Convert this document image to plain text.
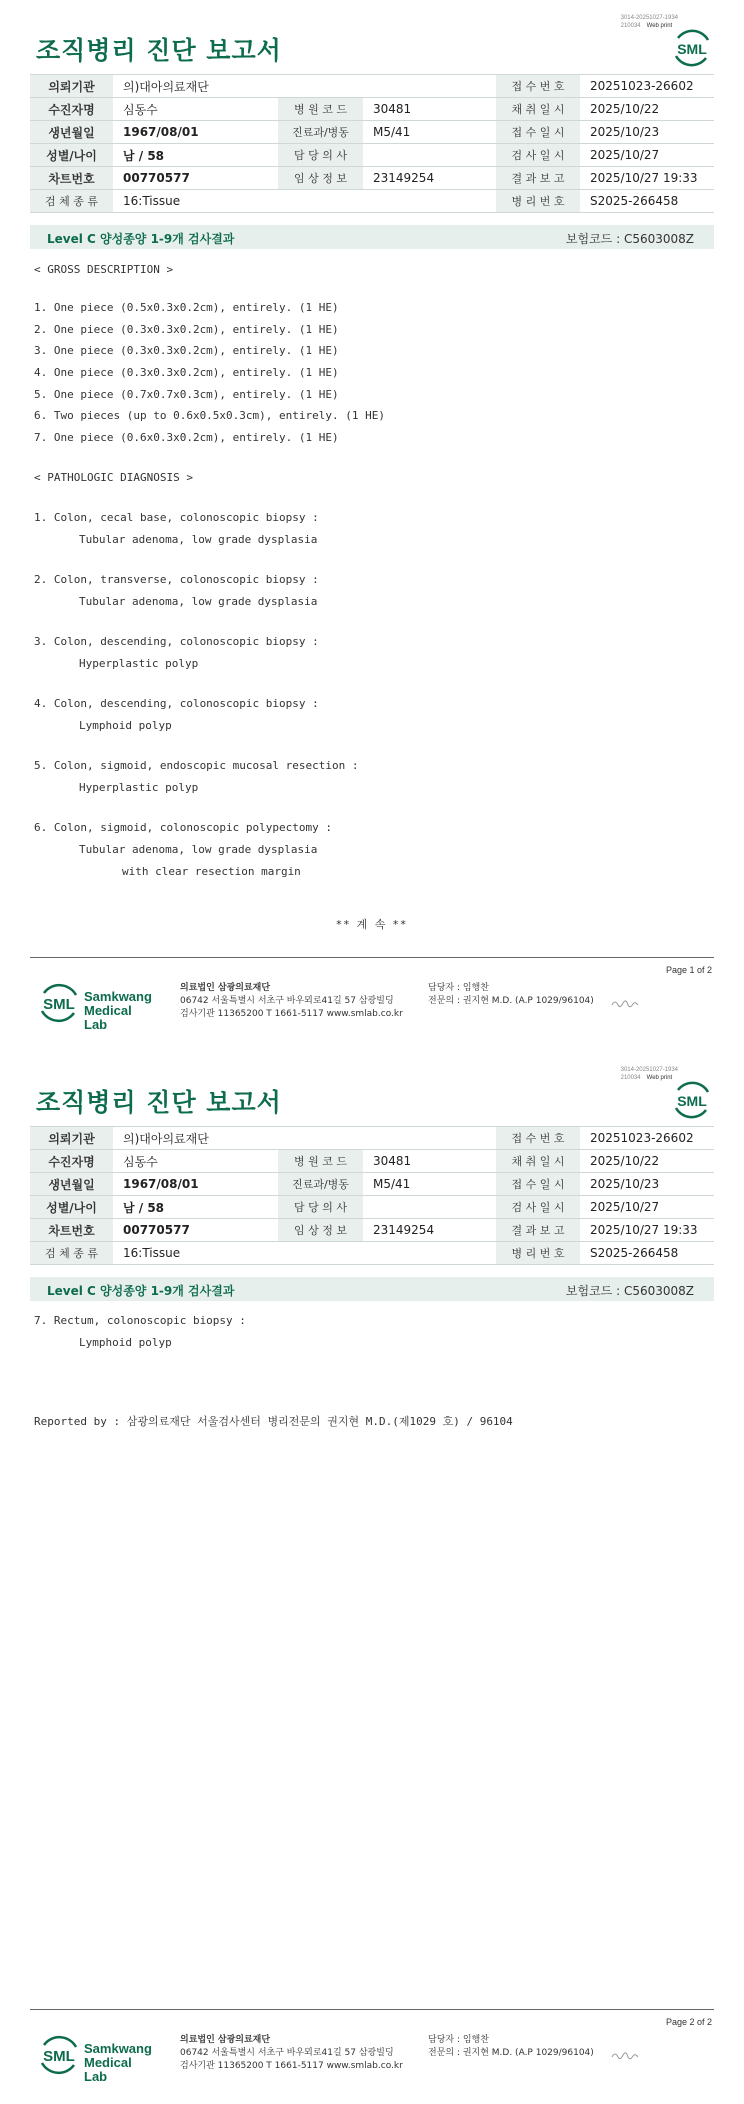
3014-20251027-1934
210034 Web print
조직병리 진단 보고서	SML
의뢰기관	의)대아의료재단			접 수 번 호	20251023-26602
수진자명	심동수	병 원 코 드	30481	채 취 일 시	2025/10/22
생년월일	1967/08/01	진료과/병동	M5/41	접 수 일 시	2025/10/23
성별/나이	남 / 58	담 당 의 사		검 사 일 시	2025/10/27
차트번호	00770577	임 상 정 보	23149254	결 과 보 고	2025/10/27 19:33
검 체 종 류	16:Tissue			병 리 번 호	S2025-266458
Level C 양성종양 1-9개 검사결과	보험코드 : C5603008Z
< GROSS DESCRIPTION >
1. One piece (0.5x0.3x0.2cm), entirely. (1 HE)
2. One piece (0.3x0.3x0.2cm), entirely. (1 HE)
3. One piece (0.3x0.3x0.2cm), entirely. (1 HE)
4. One piece (0.3x0.3x0.2cm), entirely. (1 HE)
5. One piece (0.7x0.7x0.3cm), entirely. (1 HE)
6. Two pieces (up to 0.6x0.5x0.3cm), entirely. (1 HE)
7. One piece (0.6x0.3x0.2cm), entirely. (1 HE)
< PATHOLOGIC DIAGNOSIS >
1. Colon, cecal base, colonoscopic biopsy :
Tubular adenoma, low grade dysplasia
2. Colon, transverse, colonoscopic biopsy :
Tubular adenoma, low grade dysplasia
3. Colon, descending, colonoscopic biopsy :
Hyperplastic polyp
4. Colon, descending, colonoscopic biopsy :
Lymphoid polyp
5. Colon, sigmoid, endoscopic mucosal resection :
Hyperplastic polyp
6. Colon, sigmoid, colonoscopic polypectomy :
Tubular adenoma, low grade dysplasia
with clear resection margin
** 계 속 **
Page 1 of 2
SML Samkwang
Medical Lab
의료법인 삼광의료재단
06742 서울특별시 서초구 바우뫼로41길 57 삼광빌딩
검사기관 11365200 T 1661-5117 www.smlab.co.kr
담당자 : 임행찬
전문의 : 권지현 M.D. (A.P 1029/96104)
3014-20251027-1934
210034 Web print
조직병리 진단 보고서	SML
의뢰기관	의)대아의료재단			접 수 번 호	20251023-26602
수진자명	심동수	병 원 코 드	30481	채 취 일 시	2025/10/22
생년월일	1967/08/01	진료과/병동	M5/41	접 수 일 시	2025/10/23
성별/나이	남 / 58	담 당 의 사		검 사 일 시	2025/10/27
차트번호	00770577	임 상 정 보	23149254	결 과 보 고	2025/10/27 19:33
검 체 종 류	16:Tissue			병 리 번 호	S2025-266458
Level C 양성종양 1-9개 검사결과	보험코드 : C5603008Z
7. Rectum, colonoscopic biopsy :
Lymphoid polyp
Reported by : 삼광의료재단 서울검사센터 병리전문의 권지현 M.D.(제1029 호) / 96104
Page 2 of 2
SML Samkwang
Medical Lab
의료법인 삼광의료재단
06742 서울특별시 서초구 바우뫼로41길 57 삼광빌딩
검사기관 11365200 T 1661-5117 www.smlab.co.kr
담당자 : 임행찬
전문의 : 권지현 M.D. (A.P 1029/96104)
